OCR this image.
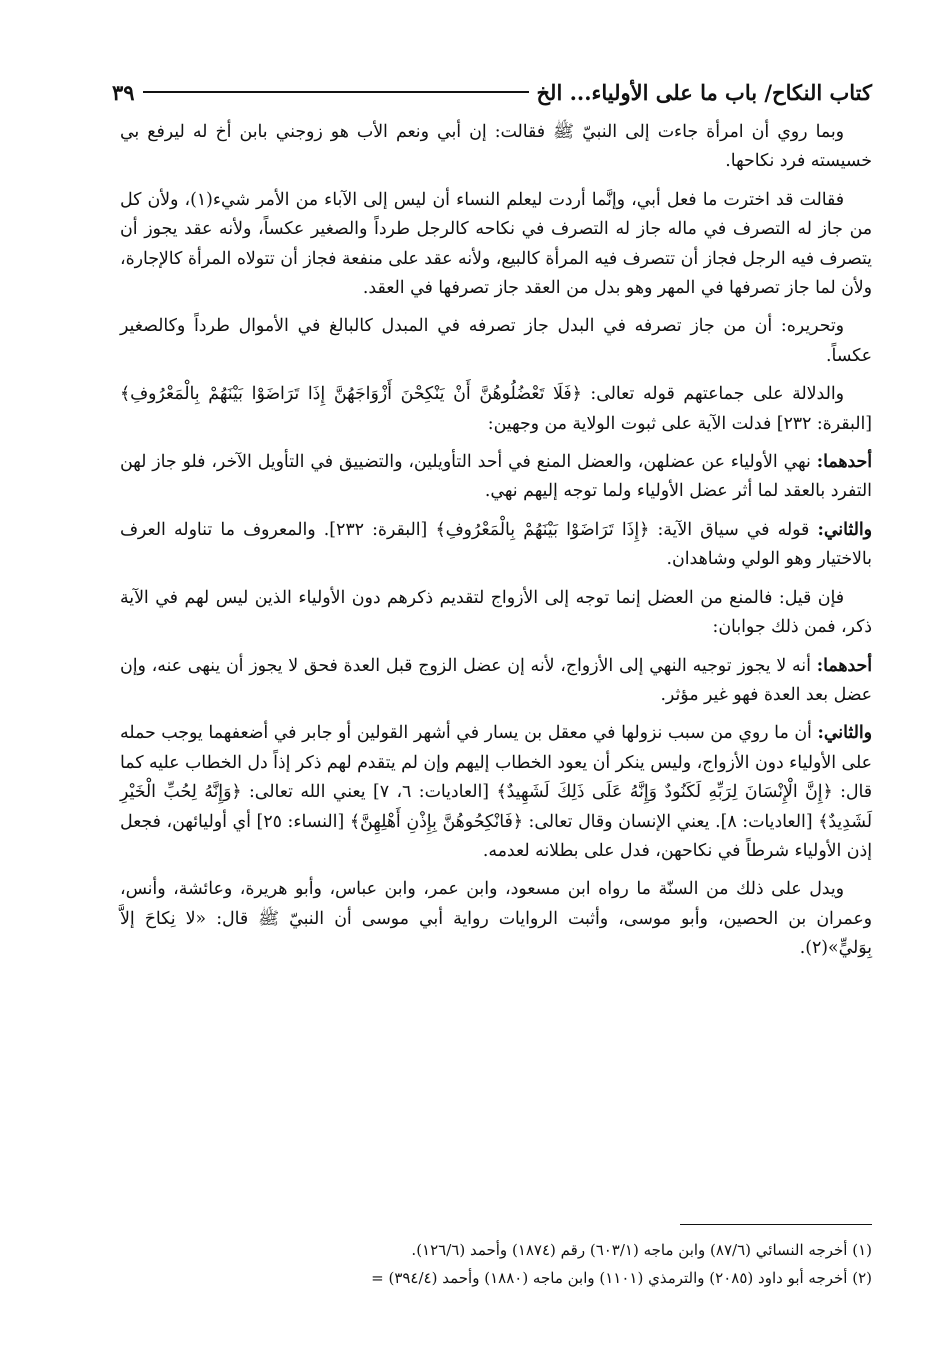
كتاب النكاح/ باب ما على الأولياء... الخ
٣٩

وبما روي أن امرأة جاءت إلى النبيّ ﷺ فقالت: إن أبي ونعم الأب هو زوجني بابن أخ له ليرفع بي خسيسته فرد نكاحها.

فقالت قد اخترت ما فعل أبي، وإنَّما أردت ليعلم النساء أن ليس إلى الآباء من الأمر شيء(١)، ولأن كل من جاز له التصرف في ماله جاز له التصرف في نكاحه كالرجل طرداً والصغير عكساً، ولأنه عقد يجوز أن يتصرف فيه الرجل فجاز أن تتصرف فيه المرأة كالبيع، ولأنه عقد على منفعة فجاز أن تتولاه المرأة كالإجارة، ولأن لما جاز تصرفها في المهر وهو بدل من العقد جاز تصرفها في العقد.

وتحريره: أن من جاز تصرفه في البدل جاز تصرفه في المبدل كالبالغ في الأموال طرداً وكالصغير عكساً.

والدلالة على جماعتهم قوله تعالى: ﴿فَلَا تَعْضُلُوهُنَّ أَنْ يَنْكِحْنَ أَزْوَاجَهُنَّ إِذَا تَرَاضَوْا بَيْنَهُمْ بِالْمَعْرُوفِ﴾ [البقرة: ٢٣٢] فدلت الآية على ثبوت الولاية من وجهين:

أحدهما: نهي الأولياء عن عضلهن، والعضل المنع في أحد التأويلين، والتضييق في التأويل الآخر، فلو جاز لهن التفرد بالعقد لما أثر عضل الأولياء ولما توجه إليهم نهي.

والثاني: قوله في سياق الآية: ﴿إِذَا تَرَاضَوْا بَيْنَهُمْ بِالْمَعْرُوفِ﴾ [البقرة: ٢٣٢]. والمعروف ما تناوله العرف بالاختيار وهو الولي وشاهدان.

فإن قيل: فالمنع من العضل إنما توجه إلى الأزواج لتقديم ذكرهم دون الأولياء الذين ليس لهم في الآية ذكر، فمن ذلك جوابان:

أحدهما: أنه لا يجوز توجيه النهي إلى الأزواج، لأنه إن عضل الزوج قبل العدة فحق لا يجوز أن ينهى عنه، وإن عضل بعد العدة فهو غير مؤثر.

والثاني: أن ما روي من سبب نزولها في معقل بن يسار في أشهر القولين أو جابر في أضعفهما يوجب حمله على الأولياء دون الأزواج، وليس ينكر أن يعود الخطاب إليهم وإن لم يتقدم لهم ذكر إذاً دل الخطاب عليه كما قال: ﴿إِنَّ الْإِنْسَانَ لِرَبِّهِ لَكَنُودٌ وَإِنَّهُ عَلَى ذَلِكَ لَشَهِيدٌ﴾ [العاديات: ٦، ٧] يعني الله تعالى: ﴿وَإِنَّهُ لِحُبِّ الْخَيْرِ لَشَدِيدٌ﴾ [العاديات: ٨]. يعني الإنسان وقال تعالى: ﴿فَانْكِحُوهُنَّ بِإِذْنِ أَهْلِهِنَّ﴾ [النساء: ٢٥] أي أوليائهن، فجعل إذن الأولياء شرطاً في نكاحهن، فدل على بطلانه لعدمه.

ويدل على ذلك من السنّة ما رواه ابن مسعود، وابن عمر، وابن عباس، وأبو هريرة، وعائشة، وأنس، وعمران بن الحصين، وأبو موسى، وأثبت الروايات رواية أبي موسى أن النبيّ ﷺ قال: «لا نِكاحَ إلاَّ بِوَليٍّ»(٢).

(١) أخرجه النسائي (٨٧/٦) وابن ماجه (٦٠٣/١) رقم (١٨٧٤) وأحمد (١٢٦/٦).
(٢) أخرجه أبو داود (٢٠٨٥) والترمذي (١١٠١) وابن ماجه (١٨٨٠) وأحمد (٣٩٤/٤) =
